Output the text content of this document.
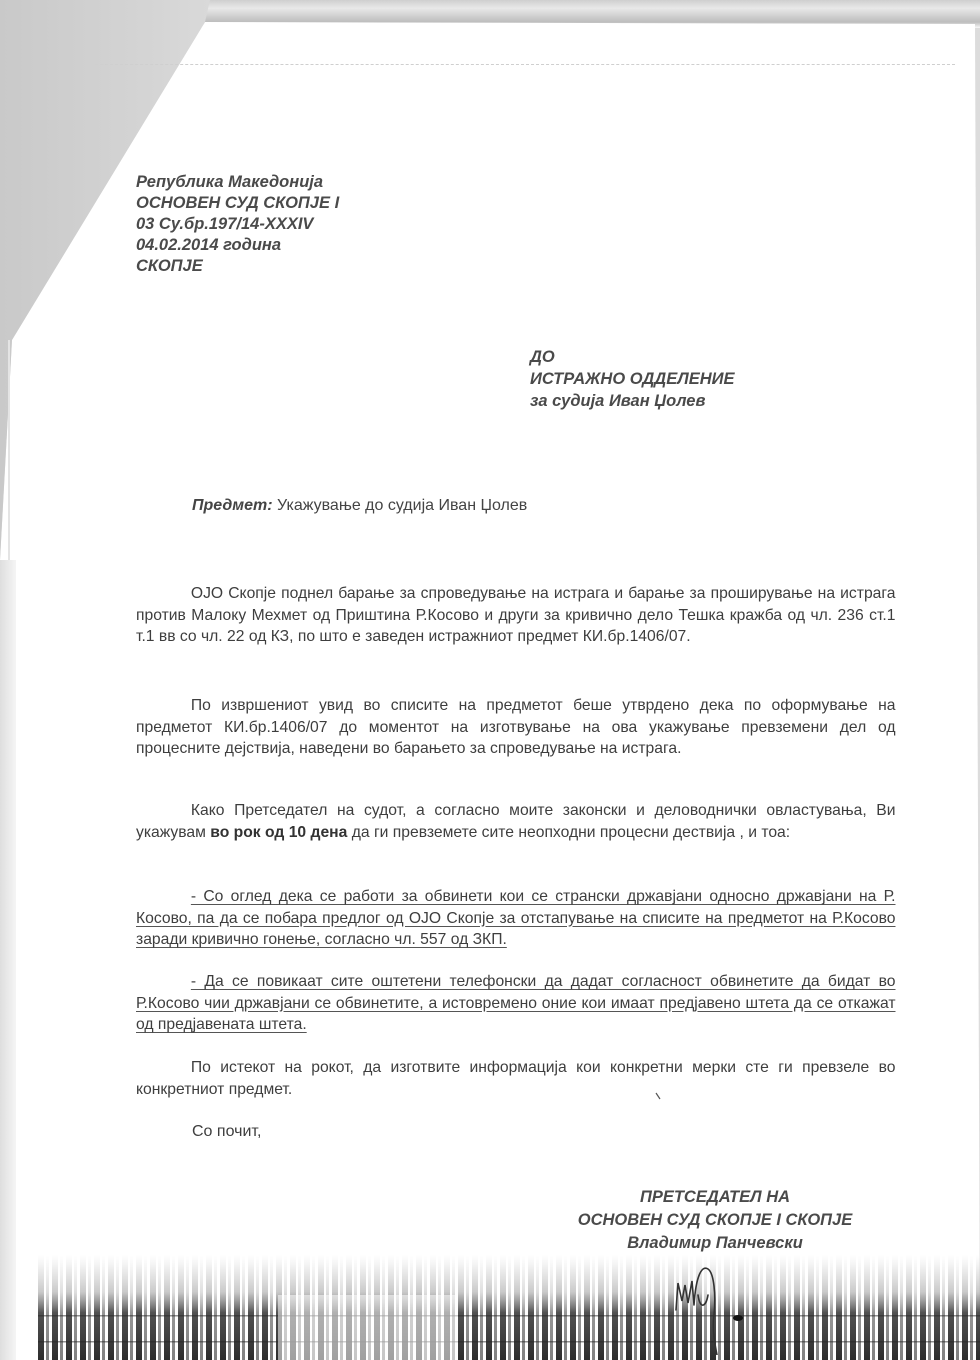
Република Македонија
ОСНОВЕН СУД СКОПЈЕ I
03 Су.бр.197/14-XXXIV
04.02.2014 година
СКОПЈЕ
ДО
ИСТРАЖНО ОДДЕЛЕНИЕ
за судија Иван Џолев
Предмет: Укажување до судија Иван Џолев
ОЈО Скопје поднел барање за спроведување на истрага и барање за проширување на истрага против Малоку Мехмет од Приштина Р.Косово и други за кривично дело Тешка кражба од чл. 236 ст.1 т.1 вв со чл. 22 од КЗ, по што е заведен истражниот предмет КИ.бр.1406/07.
По извршениот увид во списите на предметот беше утврдено дека по оформување на предметот КИ.бр.1406/07 до моментот на изготвување на ова укажување превземени дел од процесните дејствија, наведени во барањето за спроведување на истрага.
Како Претседател на судот, а согласно моите законски и деловоднички овластувања, Ви укажувам во рок од 10 дена да ги превземете сите неопходни процесни дествија , и тоа:
- Со оглед дека се работи за обвинети кои се странски државјани односно државјани на Р. Косово, па да се побара предлог од ОЈО Скопје за отстапување на списите на предметот на Р.Косово заради кривично гонење, согласно чл. 557 од ЗКП.
- Да се повикаат сите оштетени телефонски да дадат согласност обвинетите да бидат во Р.Косово чии државјани се обвинетите, а истовремено оние кои имаат предјавено штета да се откажат од предјавената штета.
По истекот на рокот, да изготвите информација кои конкретни мерки сте ги превзеле во конкретниот предмет.
Со почит,
ПРЕТСЕДАТЕЛ НА
ОСНОВЕН СУД СКОПЈЕ I СКОПЈЕ
Владимир Панчевски
